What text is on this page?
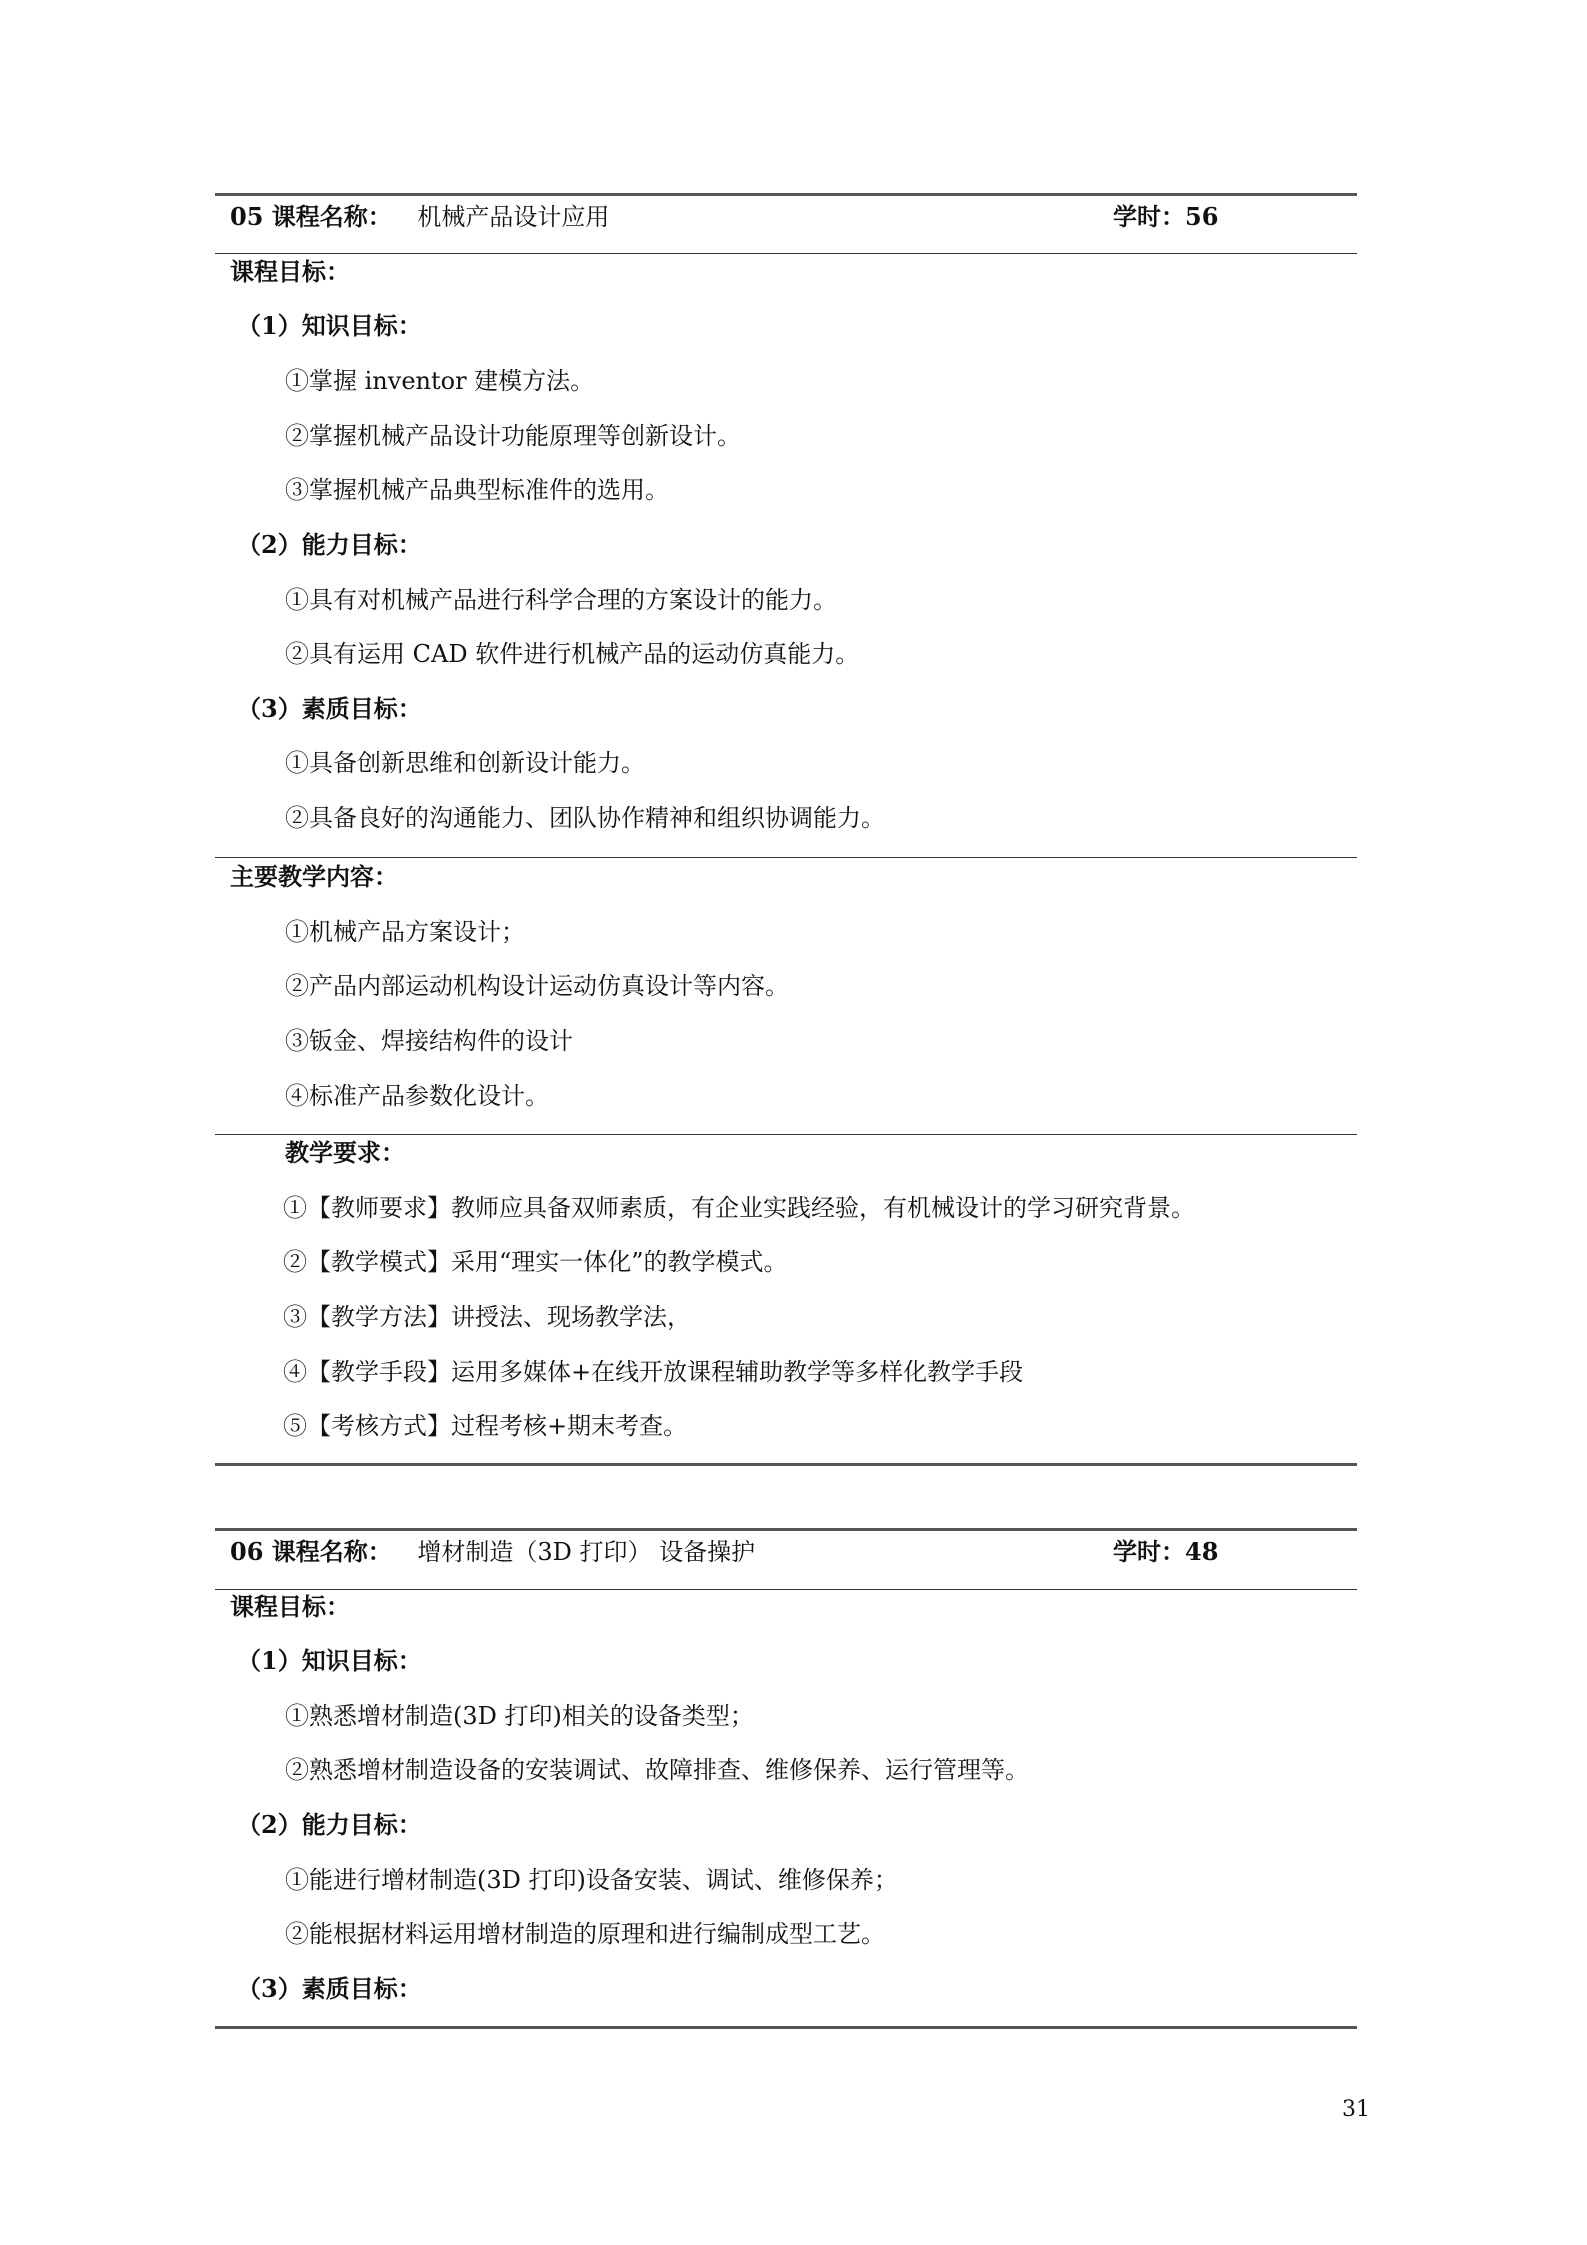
05 课程名称： 机械产品设计应用	学时：56
课程目标：
（1）知识目标：
①掌握 inventor 建模方法。
②掌握机械产品设计功能原理等创新设计。
③掌握机械产品典型标准件的选用。
（2）能力目标：
①具有对机械产品进行科学合理的方案设计的能力。
②具有运用 CAD 软件进行机械产品的运动仿真能力。
（3）素质目标：
①具备创新思维和创新设计能力。
②具备良好的沟通能力、团队协作精神和组织协调能力。
主要教学内容：
①机械产品方案设计；
②产品内部运动机构设计运动仿真设计等内容。
③钣金、焊接结构件的设计
④标准产品参数化设计。
教学要求：
①【教师要求】教师应具备双师素质，有企业实践经验，有机械设计的学习研究背景。
②【教学模式】采用“理实一体化”的教学模式。
③【教学方法】讲授法、现场教学法，
④【教学手段】运用多媒体+在线开放课程辅助教学等多样化教学手段
⑤【考核方式】过程考核+期末考查。
06 课程名称： 增材制造（3D 打印） 设备操护	学时：48
课程目标：
（1）知识目标：
①熟悉增材制造(3D 打印)相关的设备类型；
②熟悉增材制造设备的安装调试、故障排查、维修保养、运行管理等。
（2）能力目标：
①能进行增材制造(3D 打印)设备安装、调试、维修保养；
②能根据材料运用增材制造的原理和进行编制成型工艺。
（3）素质目标：
31
